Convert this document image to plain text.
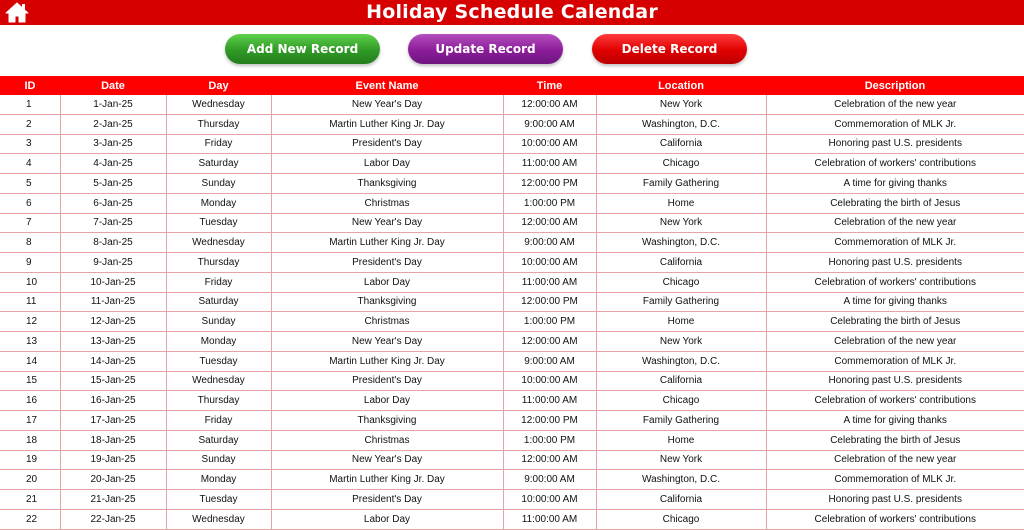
Holiday Schedule Calendar
Add New Record	Update Record	Delete Record
ID	Date	Day	Event Name	Time	Location	Description
1	1-Jan-25	Wednesday	New Year's Day	12:00:00 AM	New York	Celebration of the new year
2	2-Jan-25	Thursday	Martin Luther King Jr. Day	9:00:00 AM	Washington, D.C.	Commemoration of MLK Jr.
3	3-Jan-25	Friday	President's Day	10:00:00 AM	California	Honoring past U.S. presidents
4	4-Jan-25	Saturday	Labor Day	11:00:00 AM	Chicago	Celebration of workers' contributions
5	5-Jan-25	Sunday	Thanksgiving	12:00:00 PM	Family Gathering	A time for giving thanks
6	6-Jan-25	Monday	Christmas	1:00:00 PM	Home	Celebrating the birth of Jesus
7	7-Jan-25	Tuesday	New Year's Day	12:00:00 AM	New York	Celebration of the new year
8	8-Jan-25	Wednesday	Martin Luther King Jr. Day	9:00:00 AM	Washington, D.C.	Commemoration of MLK Jr.
9	9-Jan-25	Thursday	President's Day	10:00:00 AM	California	Honoring past U.S. presidents
10	10-Jan-25	Friday	Labor Day	11:00:00 AM	Chicago	Celebration of workers' contributions
11	11-Jan-25	Saturday	Thanksgiving	12:00:00 PM	Family Gathering	A time for giving thanks
12	12-Jan-25	Sunday	Christmas	1:00:00 PM	Home	Celebrating the birth of Jesus
13	13-Jan-25	Monday	New Year's Day	12:00:00 AM	New York	Celebration of the new year
14	14-Jan-25	Tuesday	Martin Luther King Jr. Day	9:00:00 AM	Washington, D.C.	Commemoration of MLK Jr.
15	15-Jan-25	Wednesday	President's Day	10:00:00 AM	California	Honoring past U.S. presidents
16	16-Jan-25	Thursday	Labor Day	11:00:00 AM	Chicago	Celebration of workers' contributions
17	17-Jan-25	Friday	Thanksgiving	12:00:00 PM	Family Gathering	A time for giving thanks
18	18-Jan-25	Saturday	Christmas	1:00:00 PM	Home	Celebrating the birth of Jesus
19	19-Jan-25	Sunday	New Year's Day	12:00:00 AM	New York	Celebration of the new year
20	20-Jan-25	Monday	Martin Luther King Jr. Day	9:00:00 AM	Washington, D.C.	Commemoration of MLK Jr.
21	21-Jan-25	Tuesday	President's Day	10:00:00 AM	California	Honoring past U.S. presidents
22	22-Jan-25	Wednesday	Labor Day	11:00:00 AM	Chicago	Celebration of workers' contributions
